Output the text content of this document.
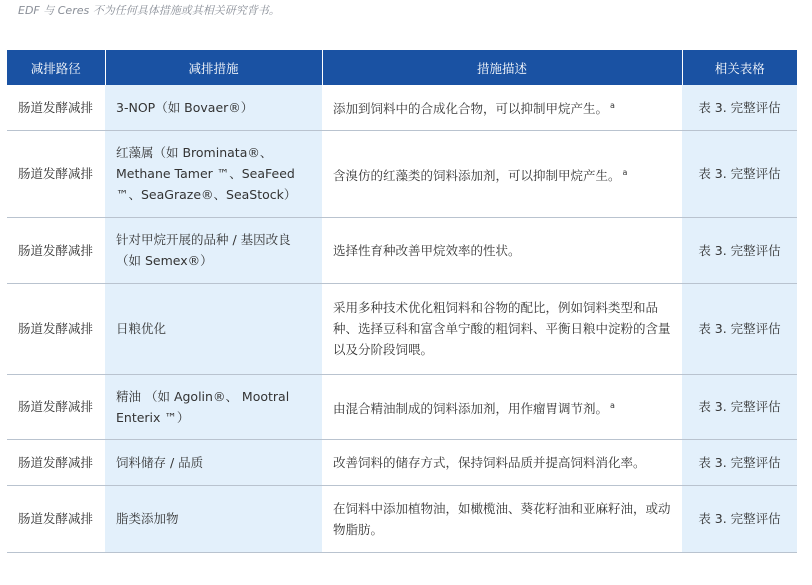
EDF 与 Ceres 不为任何具体措施或其相关研究背书。
减排路径	减排措施	措施描述	相关表格
肠道发酵减排	3-NOP（如 Bovaer®）	添加到饲料中的合成化合物，可以抑制甲烷产生。 $^a$	表 3. 完整评估
肠道发酵减排	红藻属（如 Brominata®、Methane Tamer ™、SeaFeed ™、SeaGraze®、SeaStock）	含溴仿的红藻类的饲料添加剂，可以抑制甲烷产生。 $^a$	表 3. 完整评估
肠道发酵减排	针对甲烷开展的品种 / 基因改良（如 Semex®）	选择性育种改善甲烷效率的性状。	表 3. 完整评估
肠道发酵减排	日粮优化	采用多种技术优化粗饲料和谷物的配比，例如饲料类型和品种、选择豆科和富含单宁酸的粗饲料、平衡日粮中淀粉的含量以及分阶段饲喂。	表 3. 完整评估
肠道发酵减排	精油 （如 Agolin®、 Mootral Enterix ™）	由混合精油制成的饲料添加剂，用作瘤胃调节剂。 $^a$	表 3. 完整评估
肠道发酵减排	饲料储存 / 品质	改善饲料的储存方式，保持饲料品质并提高饲料消化率。	表 3. 完整评估
肠道发酵减排	脂类添加物	在饲料中添加植物油，如橄榄油、葵花籽油和亚麻籽油，或动物脂肪。	表 3. 完整评估
